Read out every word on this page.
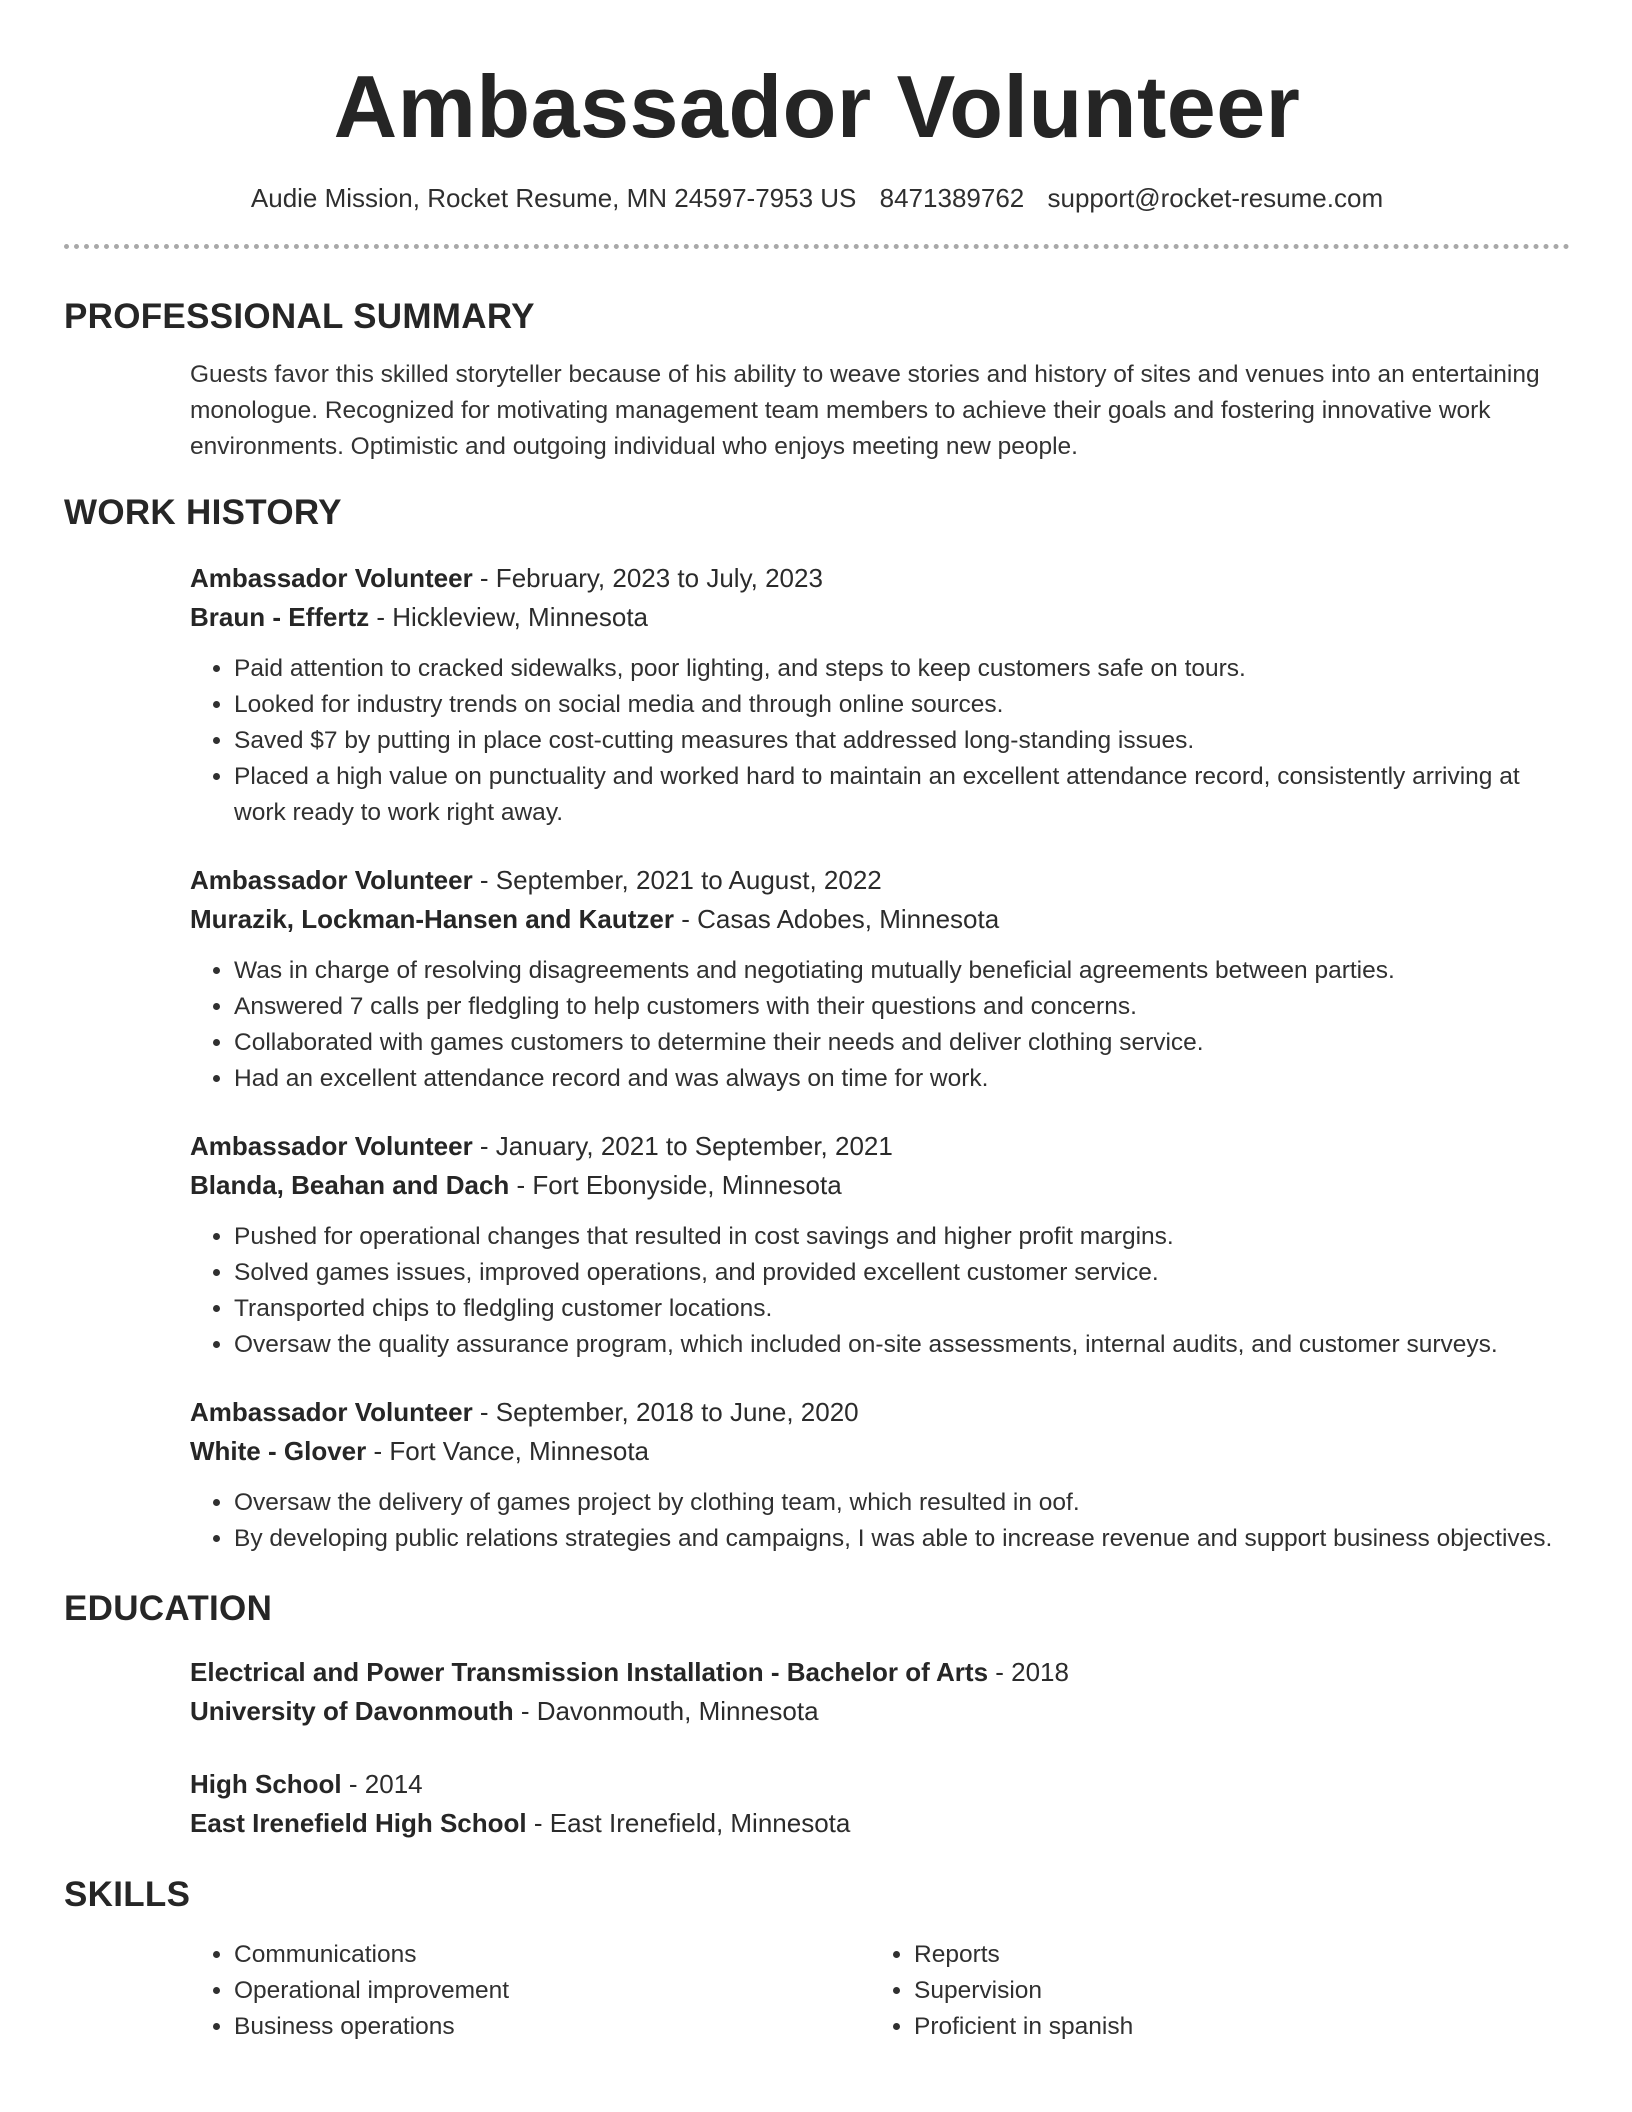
Ambassador Volunteer
Audie Mission, Rocket Resume, MN 24597-7953 US 8471389762 support@rocket-resume.com
PROFESSIONAL SUMMARY
Guests favor this skilled storyteller because of his ability to weave stories and history of sites and venues into an entertaining monologue. Recognized for motivating management team members to achieve their goals and fostering innovative work environments. Optimistic and outgoing individual who enjoys meeting new people.
WORK HISTORY
Ambassador Volunteer - February, 2023 to July, 2023
Braun - Effertz - Hickleview, Minnesota
• Paid attention to cracked sidewalks, poor lighting, and steps to keep customers safe on tours.
• Looked for industry trends on social media and through online sources.
• Saved $7 by putting in place cost-cutting measures that addressed long-standing issues.
• Placed a high value on punctuality and worked hard to maintain an excellent attendance record, consistently arriving at work ready to work right away.
Ambassador Volunteer - September, 2021 to August, 2022
Murazik, Lockman-Hansen and Kautzer - Casas Adobes, Minnesota
• Was in charge of resolving disagreements and negotiating mutually beneficial agreements between parties.
• Answered 7 calls per fledgling to help customers with their questions and concerns.
• Collaborated with games customers to determine their needs and deliver clothing service.
• Had an excellent attendance record and was always on time for work.
Ambassador Volunteer - January, 2021 to September, 2021
Blanda, Beahan and Dach - Fort Ebonyside, Minnesota
• Pushed for operational changes that resulted in cost savings and higher profit margins.
• Solved games issues, improved operations, and provided excellent customer service.
• Transported chips to fledgling customer locations.
• Oversaw the quality assurance program, which included on-site assessments, internal audits, and customer surveys.
Ambassador Volunteer - September, 2018 to June, 2020
White - Glover - Fort Vance, Minnesota
• Oversaw the delivery of games project by clothing team, which resulted in oof.
• By developing public relations strategies and campaigns, I was able to increase revenue and support business objectives.
EDUCATION
Electrical and Power Transmission Installation - Bachelor of Arts - 2018
University of Davonmouth - Davonmouth, Minnesota
High School - 2014
East Irenefield High School - East Irenefield, Minnesota
SKILLS
• Communications
• Operational improvement
• Business operations
• Reports
• Supervision
• Proficient in spanish
